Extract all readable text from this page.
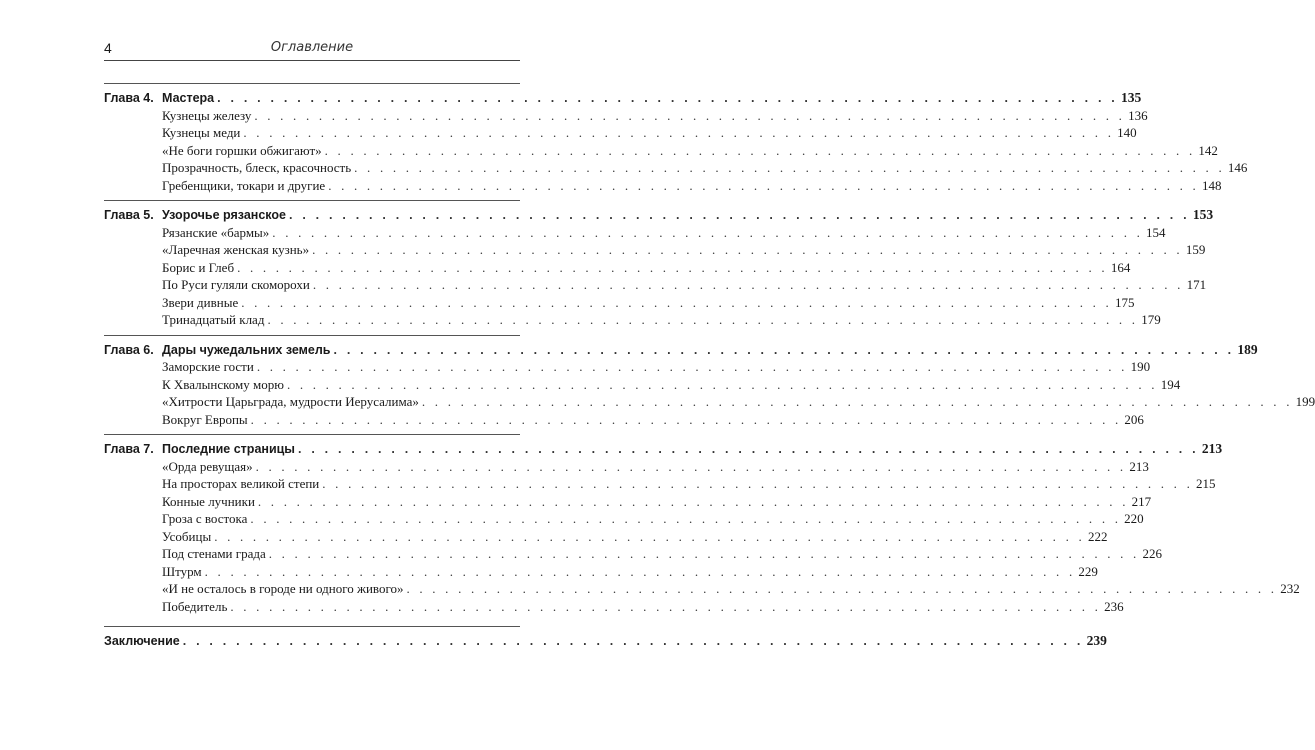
4	Оглавление
Глава 4. Мастера . . .	135
Кузнецы железу . . .	136
Кузнецы меди . . .	140
«Не боги горшки обжигают» . . .	142
Прозрачность, блеск, красочность . . .	146
Гребенщики, токари и другие . . .	148
Глава 5. Узорочье рязанское . . .	153
Рязанские «бармы» . . .	154
«Ларечная женская кузнь» . . .	159
Борис и Глеб . . .	164
По Руси гуляли скоморохи . . .	171
Звери дивные . . .	175
Тринадцатый клад . . .	179
Глава 6. Дары чужедальних земель . . .	189
Заморские гости . . .	190
К Хвалынскому морю . . .	194
«Хитрости Царьграда, мудрости Иерусалима» . . .	199
Вокруг Европы . . .	206
Глава 7. Последние страницы . . .	213
«Орда ревущая» . . .	213
На просторах великой степи . . .	215
Конные лучники . . .	217
Гроза с востока . . .	220
Усобицы . . .	222
Под стенами града . . .	226
Штурм . . .	229
«И не осталось в городе ни одного живого» . . .	232
Победитель . . .	236
Заключение . . .	239
